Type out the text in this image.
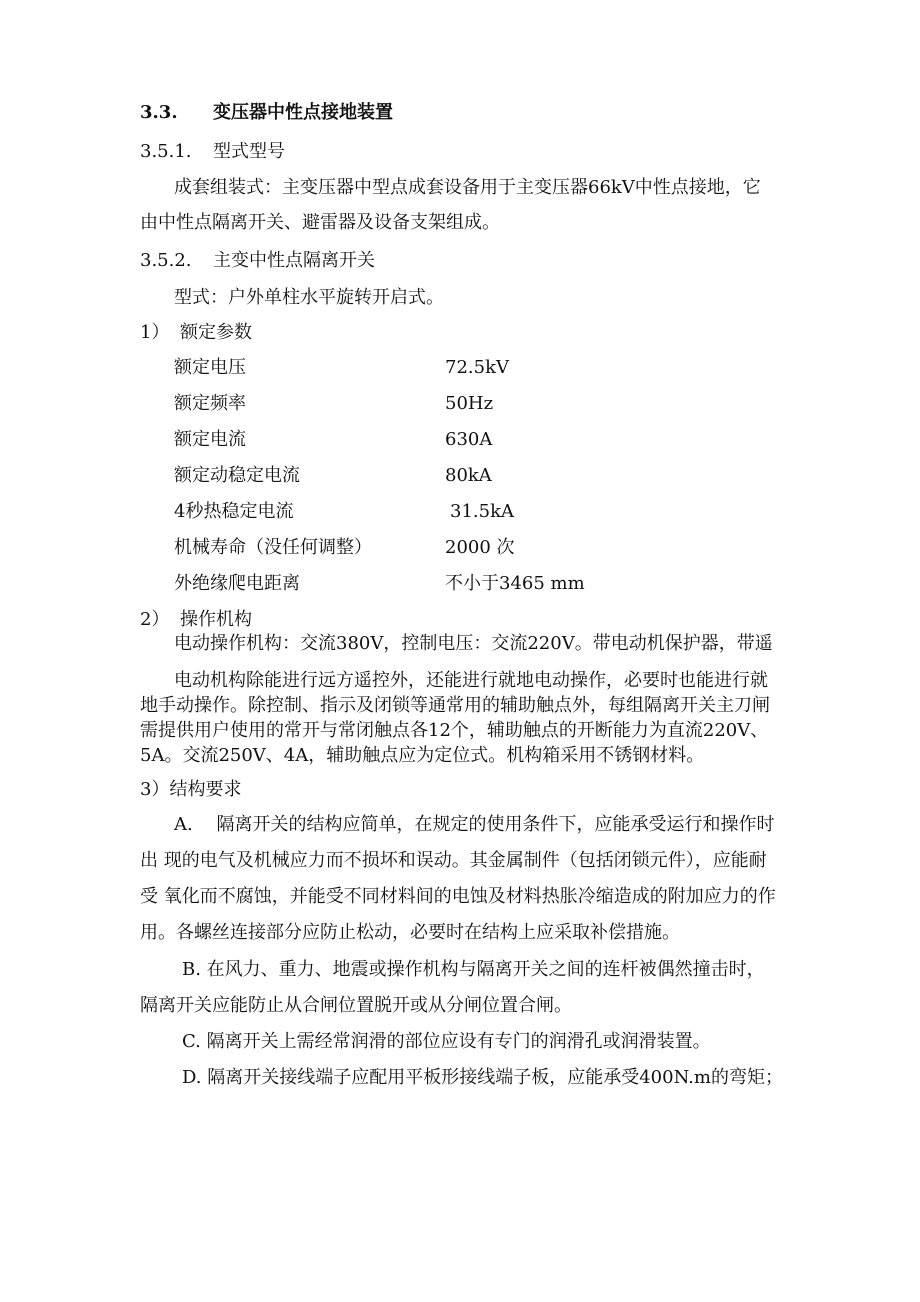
3.3. 变压器中性点接地装置
3.5.1. 型式型号
成套组装式：主变压器中型点成套设备用于主变压器66kV中性点接地，它
由中性点隔离开关、避雷器及设备支架组成。
3.5.2. 主变中性点隔离开关
型式：户外单柱水平旋转开启式。
1） 额定参数
额定电压	72.5kV
额定频率	50Hz
额定电流	630A
额定动稳定电流	80kA
4秒热稳定电流	31.5kA
机械寿命（没任何调整）	2000 次
外绝缘爬电距离	不小于3465 mm
2） 操作机构
电动操作机构：交流380V，控制电压：交流220V。带电动机保护器，带遥
电动机构除能进行远方遥控外，还能进行就地电动操作，必要时也能进行就
地手动操作。除控制、指示及闭锁等通常用的辅助触点外，每组隔离开关主刀闸
需提供用户使用的常开与常闭触点各12个，辅助触点的开断能力为直流220V、
5A。交流250V、4A，辅助触点应为定位式。机构箱采用不锈钢材料。
3）结构要求
A.　 隔离开关的结构应简单，在规定的使用条件下，应能承受运行和操作时
出 现的电气及机械应力而不损坏和误动。其金属制件（包括闭锁元件），应能耐
受 氧化而不腐蚀，并能受不同材料间的电蚀及材料热胀冷缩造成的附加应力的作
用。各螺丝连接部分应防止松动，必要时在结构上应采取补偿措施。
B. 在风力、重力、地震或操作机构与隔离开关之间的连杆被偶然撞击时，
隔离开关应能防止从合闸位置脱开或从分闸位置合闸。
C. 隔离开关上需经常润滑的部位应设有专门的润滑孔或润滑装置。
D. 隔离开关接线端子应配用平板形接线端子板，应能承受400N.m的弯矩；
